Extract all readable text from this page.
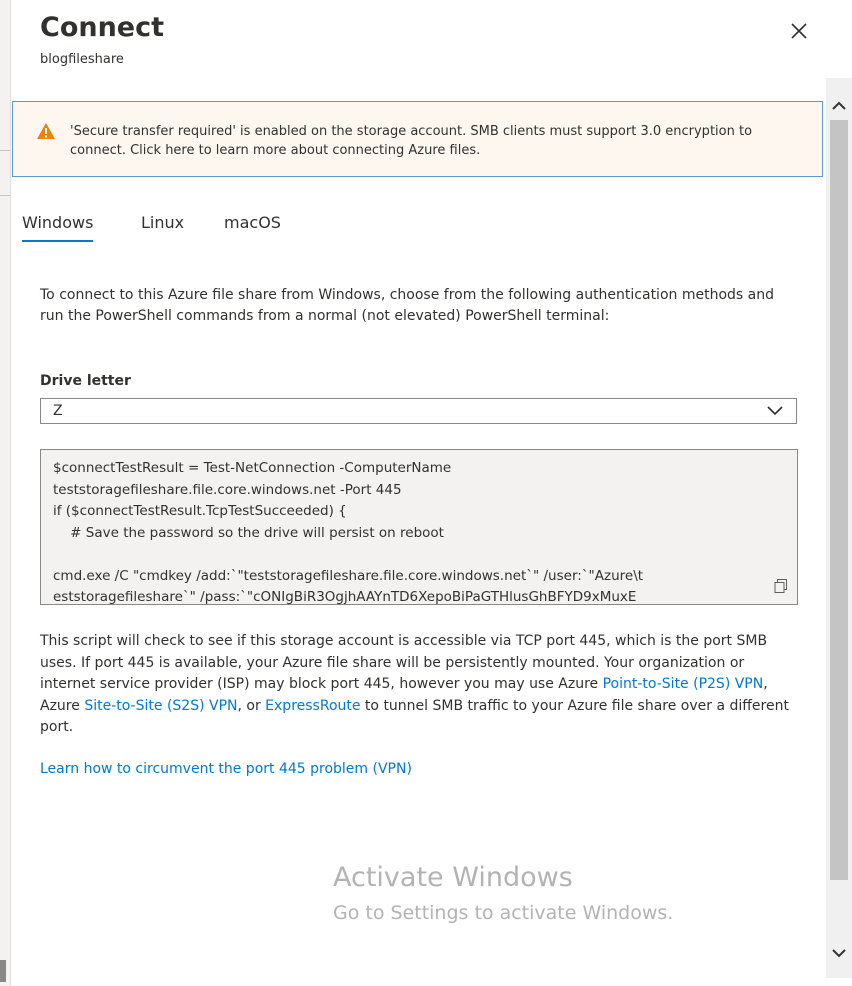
Connect
blogfileshare
'Secure transfer required' is enabled on the storage account. SMB clients must support 3.0 encryption to connect. Click here to learn more about connecting Azure files.
Windows	Linux macOS
To connect to this Azure file share from Windows, choose from the following authentication methods and run the PowerShell commands from a normal (not elevated) PowerShell terminal:
Drive letter
Z
$connectTestResult = Test-NetConnection -ComputerName
teststoragefileshare.file.core.windows.net -Port 445
if ($connectTestResult.TcpTestSucceeded) {
# Save the password so the drive will persist on reboot
cmd.exe /C "cmdkey /add:`"teststoragefileshare.file.core.windows.net`" /user:`"Azure\t
eststoragefileshare`" /pass:`"cONIgBiR3OgjhAAYnTD6XepoBiPaGTHlusGhBFYD9xMuxE
This script will check to see if this storage account is accessible via TCP port 445, which is the port SMB uses. If port 445 is available, your Azure file share will be persistently mounted. Your organization or internet service provider (ISP) may block port 445, however you may use Azure Point-to-Site (P2S) VPN, Azure Site-to-Site (S2S) VPN, or ExpressRoute to tunnel SMB traffic to your Azure file share over a different port.
Learn how to circumvent the port 445 problem (VPN)
Activate Windows
Go to Settings to activate Windows.
